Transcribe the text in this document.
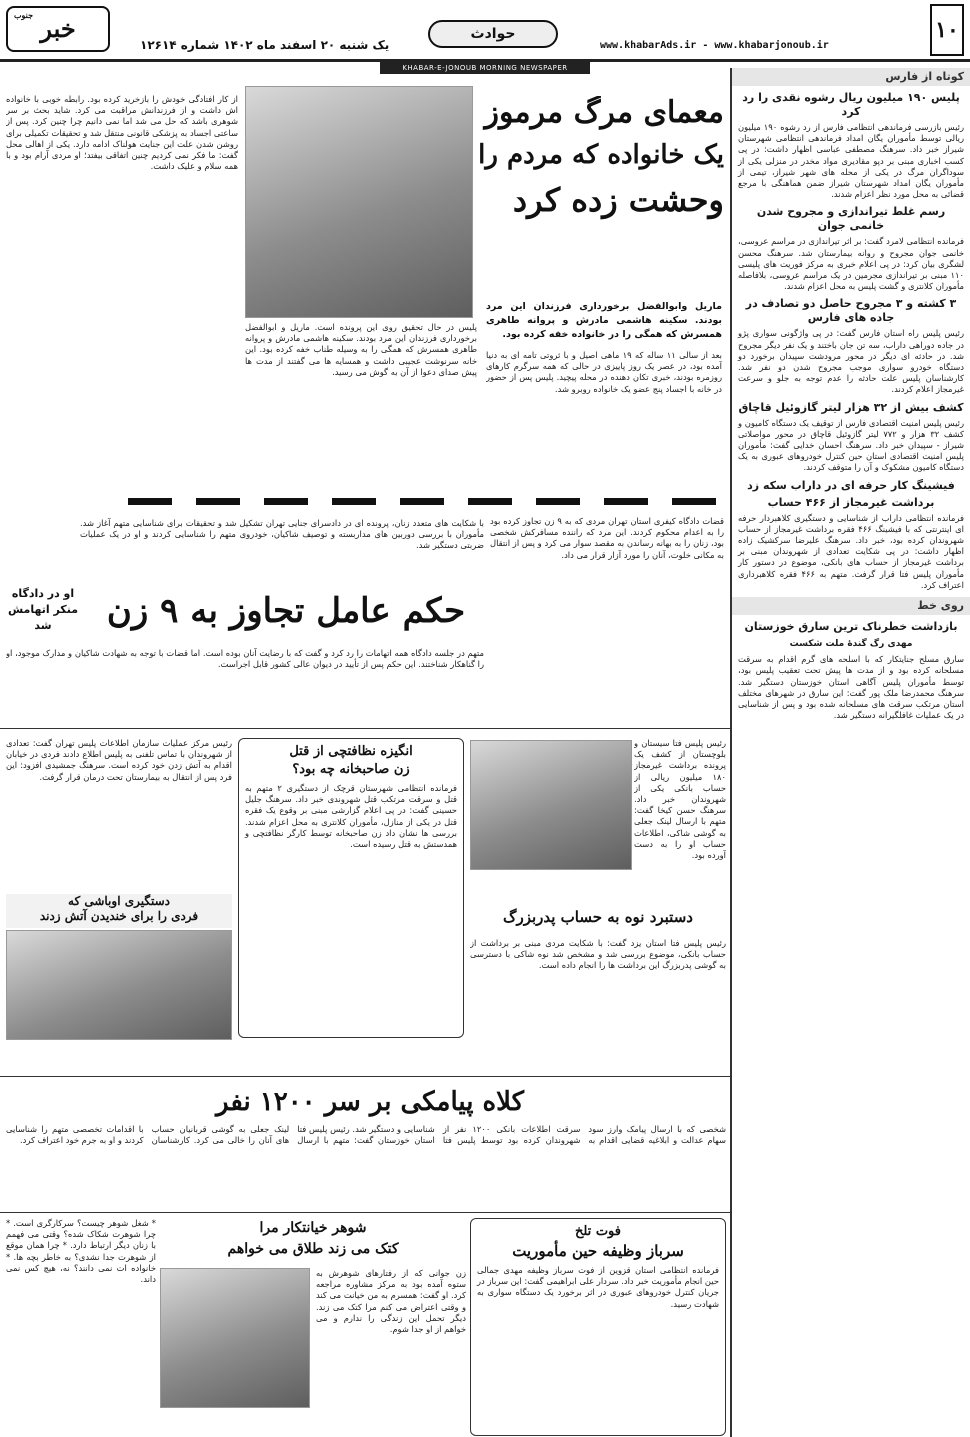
خبر
جنوب
یک شنبه ۲۰ اسفند ماه ۱۴۰۲ شماره ۱۲۶۱۴
حوادث
www.khabarAds.ir - www.khabarjonoub.ir
۱۰
KHABAR-E-JONOUB MORNING NEWSPAPER
کوتاه از فارس
پلیس ۱۹۰ میلیون ریال رشوه نقدی را رد کرد

رئیس بازرسی فرماندهی انتظامی فارس از رد رشوه ۱۹۰ میلیون ریالی توسط مأموران یگان امداد فرماندهی انتظامی شهرستان شیراز خبر داد. سرهنگ مصطفی عباسی اظهار داشت: در پی کسب اخباری مبنی بر دپو مقادیری مواد مخدر در منزلی یکی از سوداگران مرگ در یکی از محله های شهر شیراز، تیمی از مأموران یگان امداد شهرستان شیراز ضمن هماهنگی با مرجع قضائی به محل مورد نظر اعزام شدند.

رسم غلط تیراندازی و مجروح شدن خانمی جوان

فرمانده انتظامی لامرد گفت: بر اثر تیراندازی در مراسم عروسی، خانمی جوان مجروح و روانه بیمارستان شد. سرهنگ محسن لشگری بیان کرد: در پی اعلام خبری به مرکز فوریت های پلیسی ۱۱۰ مبنی بر تیراندازی مجرمین در یک مراسم عروسی، بلافاصله مأموران کلانتری و گشت پلیس به محل اعزام شدند.

۳ کشته و ۳ مجروح حاصل دو تصادف در جاده های فارس

رئیس پلیس راه استان فارس گفت: در پی واژگونی سواری پژو در جاده دوراهی داراب، سه تن جان باختند و یک نفر دیگر مجروح شد. در حادثه ای دیگر در محور مرودشت سپیدان برخورد دو دستگاه خودرو سواری موجب مجروح شدن دو نفر شد. کارشناسان پلیس علت حادثه را عدم توجه به جلو و سرعت غیرمجاز اعلام کردند.

کشف بیش از ۳۲ هزار لیتر گازوئیل قاچاق

رئیس پلیس امنیت اقتصادی فارس از توقیف یک دستگاه کامیون و کشف ۳۲ هزار و ۷۷۲ لیتر گازوئیل قاچاق در محور مواصلاتی شیراز - سپیدان خبر داد. سرهنگ احسان خدایی گفت: مأموران پلیس امنیت اقتصادی استان حین کنترل خودروهای عبوری به یک دستگاه کامیون مشکوک و آن را متوقف کردند.

فیشینگ کار حرفه ای در داراب سکه زد
برداشت غیرمجاز از ۴۶۶ حساب

فرمانده انتظامی داراب از شناسایی و دستگیری کلاهبردار حرفه ای اینترنتی که با فیشینگ ۴۶۶ فقره برداشت غیرمجاز از حساب شهروندان کرده بود، خبر داد. سرهنگ علیرضا سرکشیک زاده اظهار داشت: در پی شکایت تعدادی از شهروندان مبنی بر برداشت غیرمجاز از حساب های بانکی، موضوع در دستور کار مأموران پلیس فتا قرار گرفت. متهم به ۴۶۶ فقره کلاهبرداری اعتراف کرد.

روی خط
بازداشت خطرناک ترین سارق خوزستان
مهدی رگ گندهٔ ملت شکست

سارق مسلح جنایتکار که با اسلحه های گرم اقدام به سرقت مسلحانه کرده بود و از مدت ها پیش تحت تعقیب پلیس بود، توسط مأموران پلیس آگاهی استان خوزستان دستگیر شد. سرهنگ محمدرضا ملک پور گفت: این سارق در شهرهای مختلف استان مرتکب سرقت های مسلحانه شده بود و پس از شناسایی در یک عملیات غافلگیرانه دستگیر شد.

معمای مرگ مرموز
یک خانواده که مردم را
وحشت زده کرد
ماریل وابوالفضل برخورداری فرزندان این مرد بودند. سکینه هاشمی مادرش و پروانه طاهری همسرش که همگی را در خانواده خفه کرده بود.
بعد از سالی ۱۱ ساله که ۱۹ ماهی اصیل و با ثروتی تامه ای به دنیا آمده بود، در عصر یک روز پاییزی در حالی که همه سرگرم کارهای روزمره بودند، خبری تکان دهنده در محله پیچید. پلیس پس از حضور در خانه با اجساد پنج عضو یک خانواده روبرو شد.
پلیس در حال تحقیق روی این پرونده است. ماریل و ابوالفضل برخورداری فرزندان این مرد بودند. سکینه هاشمی مادرش و پروانه طاهری همسرش که همگی را به وسیله طناب خفه کرده بود. این خانه سرنوشت عجیبی داشت و همسایه ها می گفتند از مدت ها پیش صدای دعوا از آن به گوش می رسید.
از کار افتادگی خودش را بازخرید کرده بود. رابطه خوبی با خانواده اش داشت و از فرزندانش مراقبت می کرد. شاید بحث بر سر شوهری باشد که حل می شد اما نمی دانیم چرا چنین کرد. پس از ساعتی اجساد به پزشکی قانونی منتقل شد و تحقیقات تکمیلی برای روشن شدن علت این جنایت هولناک ادامه دارد. یکی از اهالی محل گفت: ما فکر نمی کردیم چنین اتفاقی بیفتد؛ او مردی آرام بود و با همه سلام و علیک داشت.
قضات دادگاه کیفری استان تهران مردی که به ۹ زن تجاوز کرده بود را به اعدام محکوم کردند. این مرد که راننده مسافرکش شخصی بود، زنان را به بهانه رساندن به مقصد سوار می کرد و پس از انتقال به مکانی خلوت، آنان را مورد آزار قرار می داد.
با شکایت های متعدد زنان، پرونده ای در دادسرای جنایی تهران تشکیل شد و تحقیقات برای شناسایی متهم آغاز شد. مأموران با بررسی دوربین های مداربسته و توصیف شاکیان، خودروی متهم را شناسایی کردند و او در یک عملیات ضربتی دستگیر شد.
حکم عامل تجاوز به ۹ زن
او در دادگاه منکر اتهامش شد
متهم در جلسه دادگاه همه اتهامات را رد کرد و گفت که با رضایت آنان بوده است. اما قضات با توجه به شهادت شاکیان و مدارک موجود، او را گناهکار شناختند. این حکم پس از تأیید در دیوان عالی کشور قابل اجراست.
رئیس پلیس فتا سیستان و بلوچستان از کشف یک پرونده برداشت غیرمجاز ۱۸۰ میلیون ریالی از حساب بانکی یکی از شهروندان خبر داد. سرهنگ حسن کیخا گفت: متهم با ارسال لینک جعلی به گوشی شاکی، اطلاعات حساب او را به دست آورده بود.
دستبرد نوه به حساب پدربزرگ
رئیس پلیس فتا استان یزد گفت: با شکایت مردی مبنی بر برداشت از حساب بانکی، موضوع بررسی شد و مشخص شد نوه شاکی با دسترسی به گوشی پدربزرگ این برداشت ها را انجام داده است.
انگیزه نظافتچی از قتل
زن صاحبخانه چه بود؟

فرمانده انتظامی شهرستان قرچک از دستگیری ۲ متهم به قتل و سرقت مرتکب قتل شهروندی خبر داد. سرهنگ جلیل حسینی گفت: در پی اعلام گزارشی مبنی بر وقوع یک فقره قتل در یکی از منازل، مأموران کلانتری به محل اعزام شدند. بررسی ها نشان داد زن صاحبخانه توسط کارگر نظافتچی و همدستش به قتل رسیده است.

رئیس مرکز عملیات سازمان اطلاعات پلیس تهران گفت: تعدادی از شهروندان با تماس تلفنی به پلیس اطلاع دادند فردی در خیابان اقدام به آتش زدن خود کرده است. سرهنگ جمشیدی افزود: این فرد پس از انتقال به بیمارستان تحت درمان قرار گرفت.
دستگیری اوباشی که
فردی را برای خندیدن آتش زدند
کلاه پیامکی بر سر ۱۲۰۰ نفر
شخصی که با ارسال پیامک وارز سود سهام عدالت و ابلاغیه قضایی اقدام به سرقت اطلاعات بانکی ۱۲۰۰ نفر از شهروندان کرده بود توسط پلیس فتا شناسایی و دستگیر شد. رئیس پلیس فتا استان خوزستان گفت: متهم با ارسال لینک جعلی به گوشی قربانیان حساب های آنان را خالی می کرد. کارشناسان با اقدامات تخصصی متهم را شناسایی کردند و او به جرم خود اعتراف کرد.
فوت تلخ
سرباز وظیفه حین مأموریت

فرمانده انتظامی استان قزوین از فوت سرباز وظیفه مهدی جمالی حین انجام مأموریت خبر داد. سردار علی ابراهیمی گفت: این سرباز در جریان کنترل خودروهای عبوری در اثر برخورد یک دستگاه سواری به شهادت رسید.

شوهر خیانتکار مرا
کتک می زند طلاق می خواهم
زن جوانی که از رفتارهای شوهرش به ستوه آمده بود به مرکز مشاوره مراجعه کرد. او گفت: همسرم به من خیانت می کند و وقتی اعتراض می کنم مرا کتک می زند. دیگر تحمل این زندگی را ندارم و می خواهم از او جدا شوم.
* شغل شوهر چیست؟ سرکارگری است. * چرا شوهرت شکاک شده؟ وقتی می فهمم با زنان دیگر ارتباط دارد. * چرا همان موقع از شوهرت جدا نشدی؟ به خاطر بچه ها. * خانواده ات نمی دانند؟ نه، هیچ کس نمی داند.
